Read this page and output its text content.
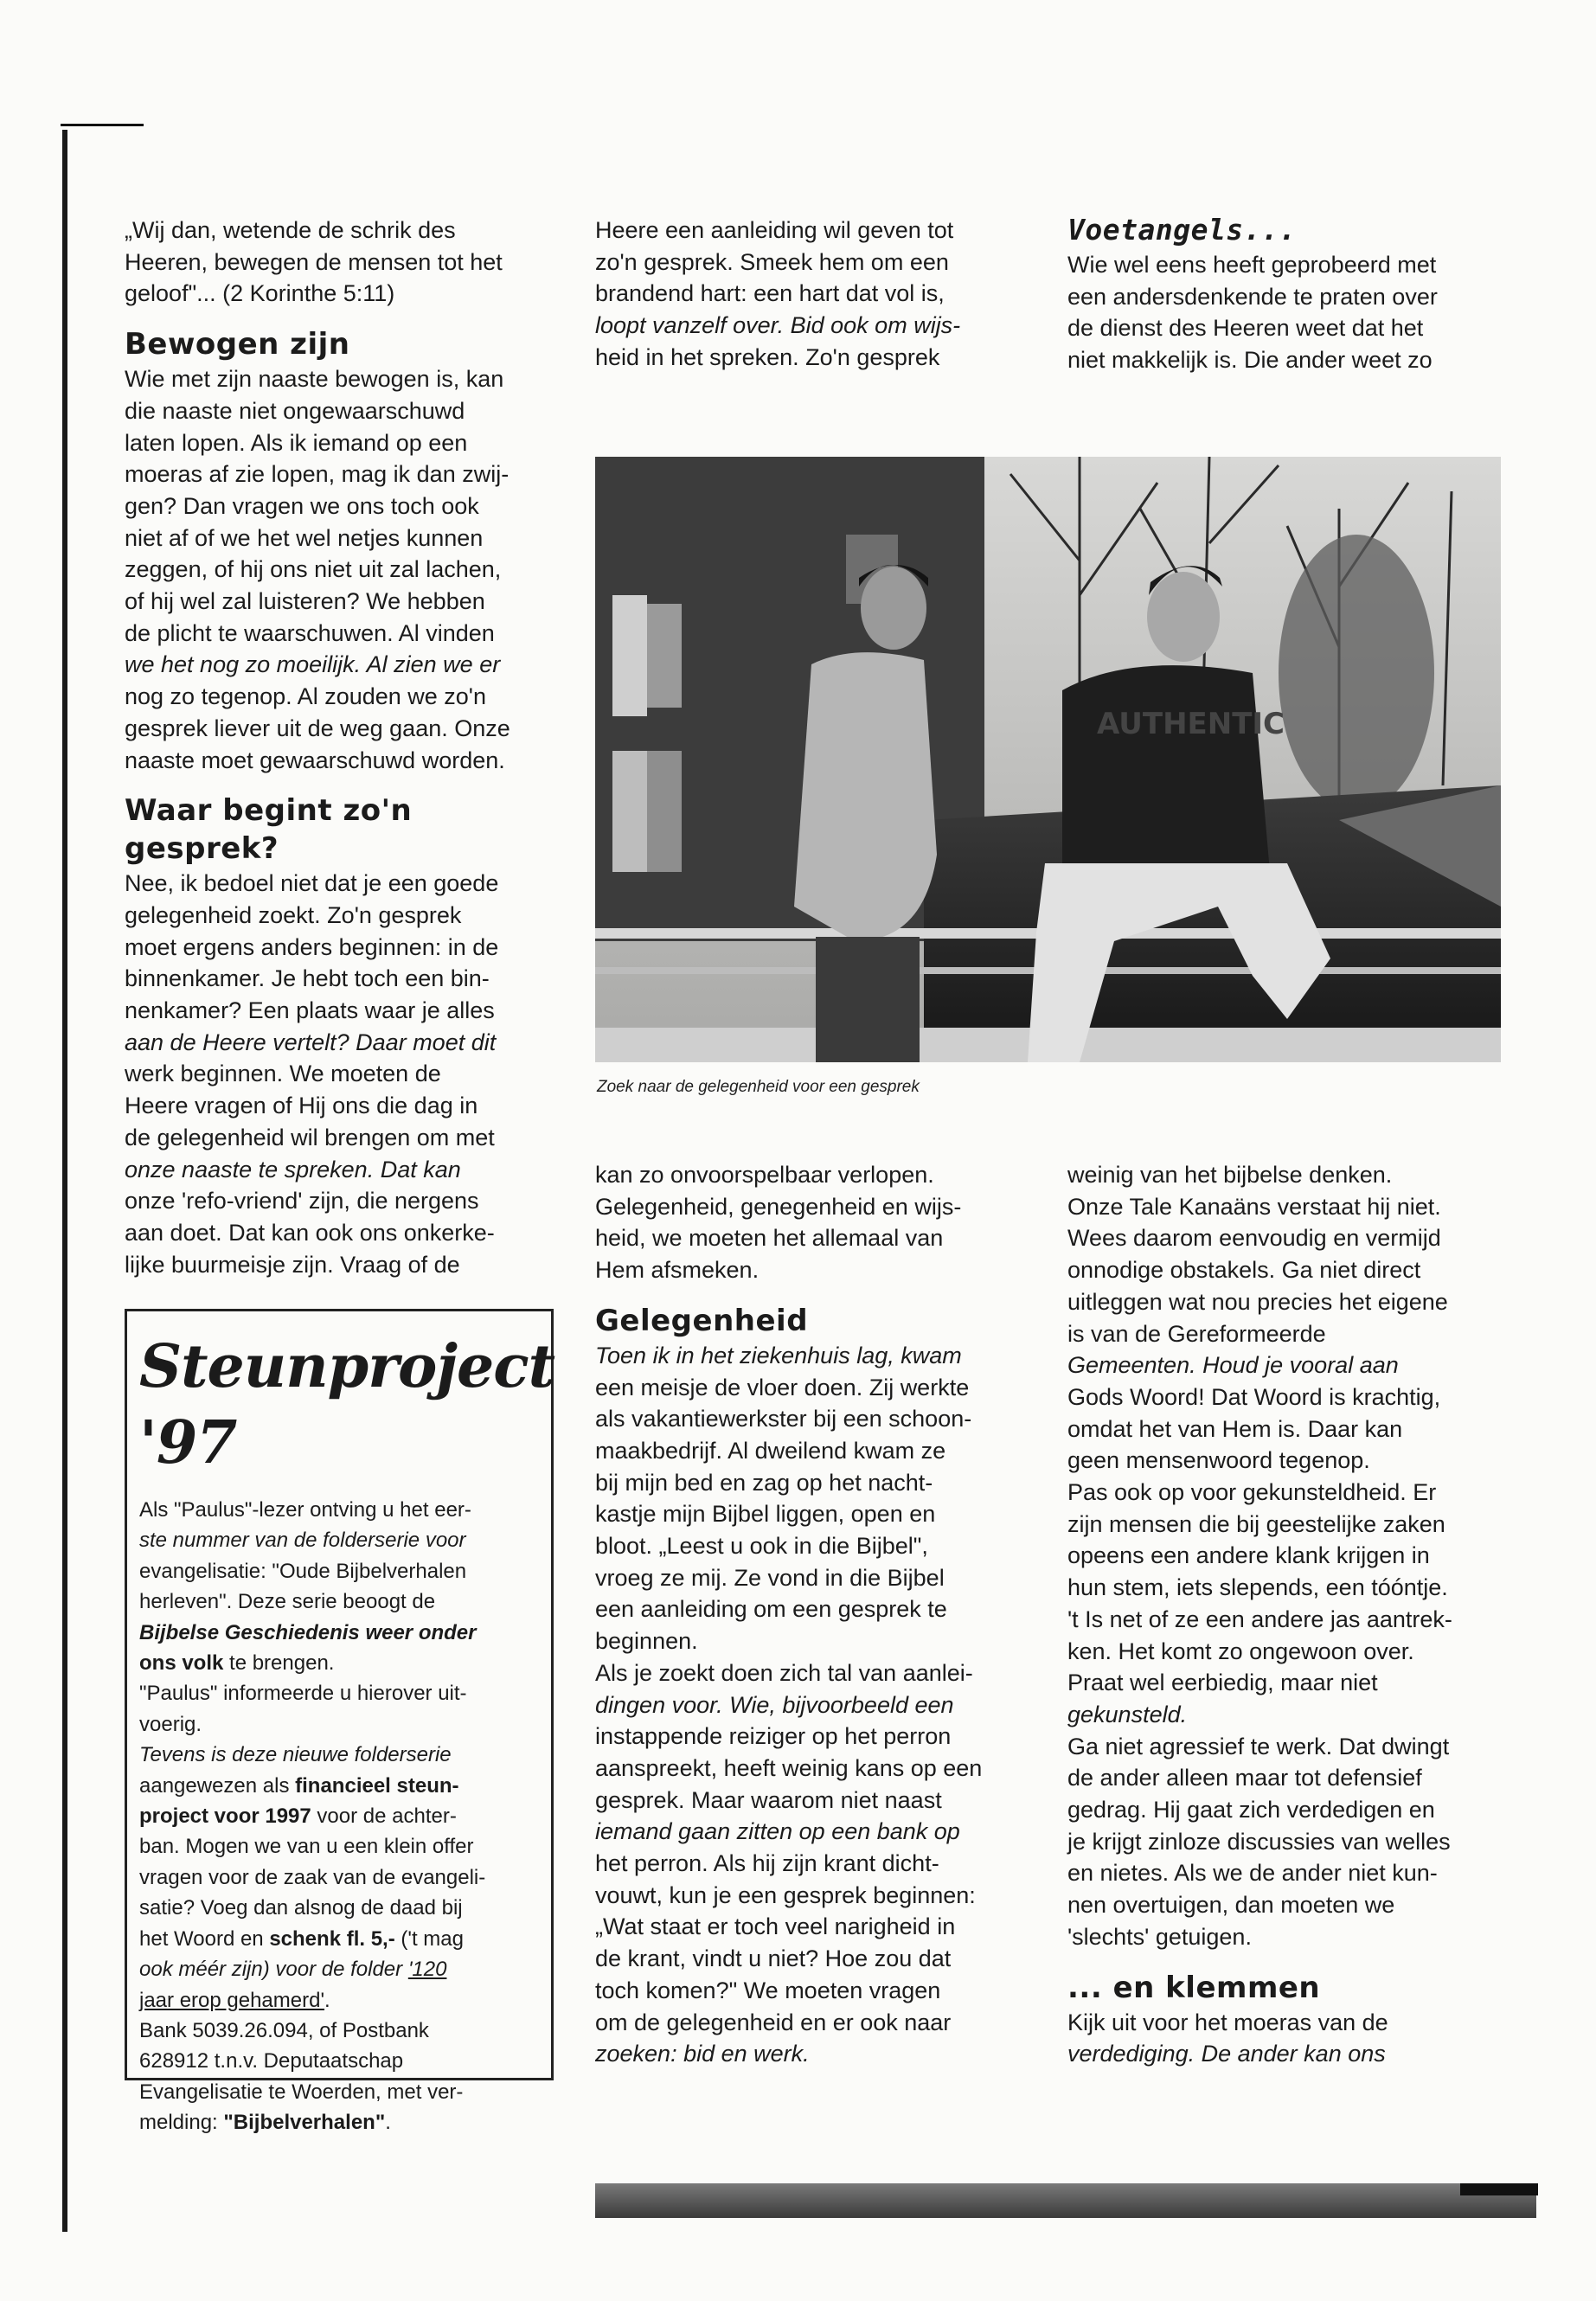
„Wij dan, wetende de schrik des

Heeren, bewegen de mensen tot het

geloof"... (2 Korinthe 5:11)

Bewogen zijn

Wie met zijn naaste bewogen is, kan

die naaste niet ongewaarschuwd

laten lopen. Als ik iemand op een

moeras af zie lopen, mag ik dan zwij-

gen? Dan vragen we ons toch ook

niet af of we het wel netjes kunnen

zeggen, of hij ons niet uit zal lachen,

of hij wel zal luisteren? We hebben

de plicht te waarschuwen. Al vinden

we het nog zo moeilijk. Al zien we er

nog zo tegenop. Al zouden we zo'n

gesprek liever uit de weg gaan. Onze

naaste moet gewaarschuwd worden.

Waar begint zo'n gesprek?

Nee, ik bedoel niet dat je een goede

gelegenheid zoekt. Zo'n gesprek

moet ergens anders beginnen: in de

binnenkamer. Je hebt toch een bin-

nenkamer? Een plaats waar je alles

aan de Heere vertelt? Daar moet dit

werk beginnen. We moeten de

Heere vragen of Hij ons die dag in

de gelegenheid wil brengen om met

onze naaste te spreken. Dat kan

onze 'refo-vriend' zijn, die nergens

aan doet. Dat kan ook ons onkerke-

lijke buurmeisje zijn. Vraag of de

Heere een aanleiding wil geven tot

zo'n gesprek. Smeek hem om een

brandend hart: een hart dat vol is,

loopt vanzelf over. Bid ook om wijs-

heid in het spreken. Zo'n gesprek

Voetangels...

Wie wel eens heeft geprobeerd met

een andersdenkende te praten over

de dienst des Heeren weet dat het

niet makkelijk is. Die ander weet zo

AUTHENTIC
Zoek naar de gelegenheid voor een gesprek

Steunproject '97

Als "Paulus"-lezer ontving u het eer-

ste nummer van de folderserie voor

evangelisatie: "Oude Bijbelverhalen

herleven". Deze serie beoogt de

Bijbelse Geschiedenis weer onder

ons volk te brengen.

"Paulus" informeerde u hierover uit-

voerig.

Tevens is deze nieuwe folderserie

aangewezen als financieel steun-

project voor 1997 voor de achter-

ban. Mogen we van u een klein offer

vragen voor de zaak van de evangeli-

satie? Voeg dan alsnog de daad bij

het Woord en schenk fl. 5,- ('t mag

ook méér zijn) voor de folder '120

jaar erop gehamerd'.

Bank 5039.26.094, of Postbank

628912 t.n.v. Deputaatschap

Evangelisatie te Woerden, met ver-

melding: "Bijbelverhalen".

kan zo onvoorspelbaar verlopen.

Gelegenheid, genegenheid en wijs-

heid, we moeten het allemaal van

Hem afsmeken.

Gelegenheid

Toen ik in het ziekenhuis lag, kwam

een meisje de vloer doen. Zij werkte

als vakantiewerkster bij een schoon-

maakbedrijf. Al dweilend kwam ze

bij mijn bed en zag op het nacht-

kastje mijn Bijbel liggen, open en

bloot. „Leest u ook in die Bijbel",

vroeg ze mij. Ze vond in die Bijbel

een aanleiding om een gesprek te

beginnen.

Als je zoekt doen zich tal van aanlei-

dingen voor. Wie, bijvoorbeeld een

instappende reiziger op het perron

aanspreekt, heeft weinig kans op een

gesprek. Maar waarom niet naast

iemand gaan zitten op een bank op

het perron. Als hij zijn krant dicht-

vouwt, kun je een gesprek beginnen:

„Wat staat er toch veel narigheid in

de krant, vindt u niet? Hoe zou dat

toch komen?" We moeten vragen

om de gelegenheid en er ook naar

zoeken: bid en werk.

weinig van het bijbelse denken.

Onze Tale Kanaäns verstaat hij niet.

Wees daarom eenvoudig en vermijd

onnodige obstakels. Ga niet direct

uitleggen wat nou precies het eigene

is van de Gereformeerde

Gemeenten. Houd je vooral aan

Gods Woord! Dat Woord is krachtig,

omdat het van Hem is. Daar kan

geen mensenwoord tegenop.

Pas ook op voor gekunsteldheid. Er

zijn mensen die bij geestelijke zaken

opeens een andere klank krijgen in

hun stem, iets slepends, een tóóntje.

't Is net of ze een andere jas aantrek-

ken. Het komt zo ongewoon over.

Praat wel eerbiedig, maar niet

gekunsteld.

Ga niet agressief te werk. Dat dwingt

de ander alleen maar tot defensief

gedrag. Hij gaat zich verdedigen en

je krijgt zinloze discussies van welles

en nietes. Als we de ander niet kun-

nen overtuigen, dan moeten we

'slechts' getuigen.

... en klemmen

Kijk uit voor het moeras van de

verdediging. De ander kan ons
